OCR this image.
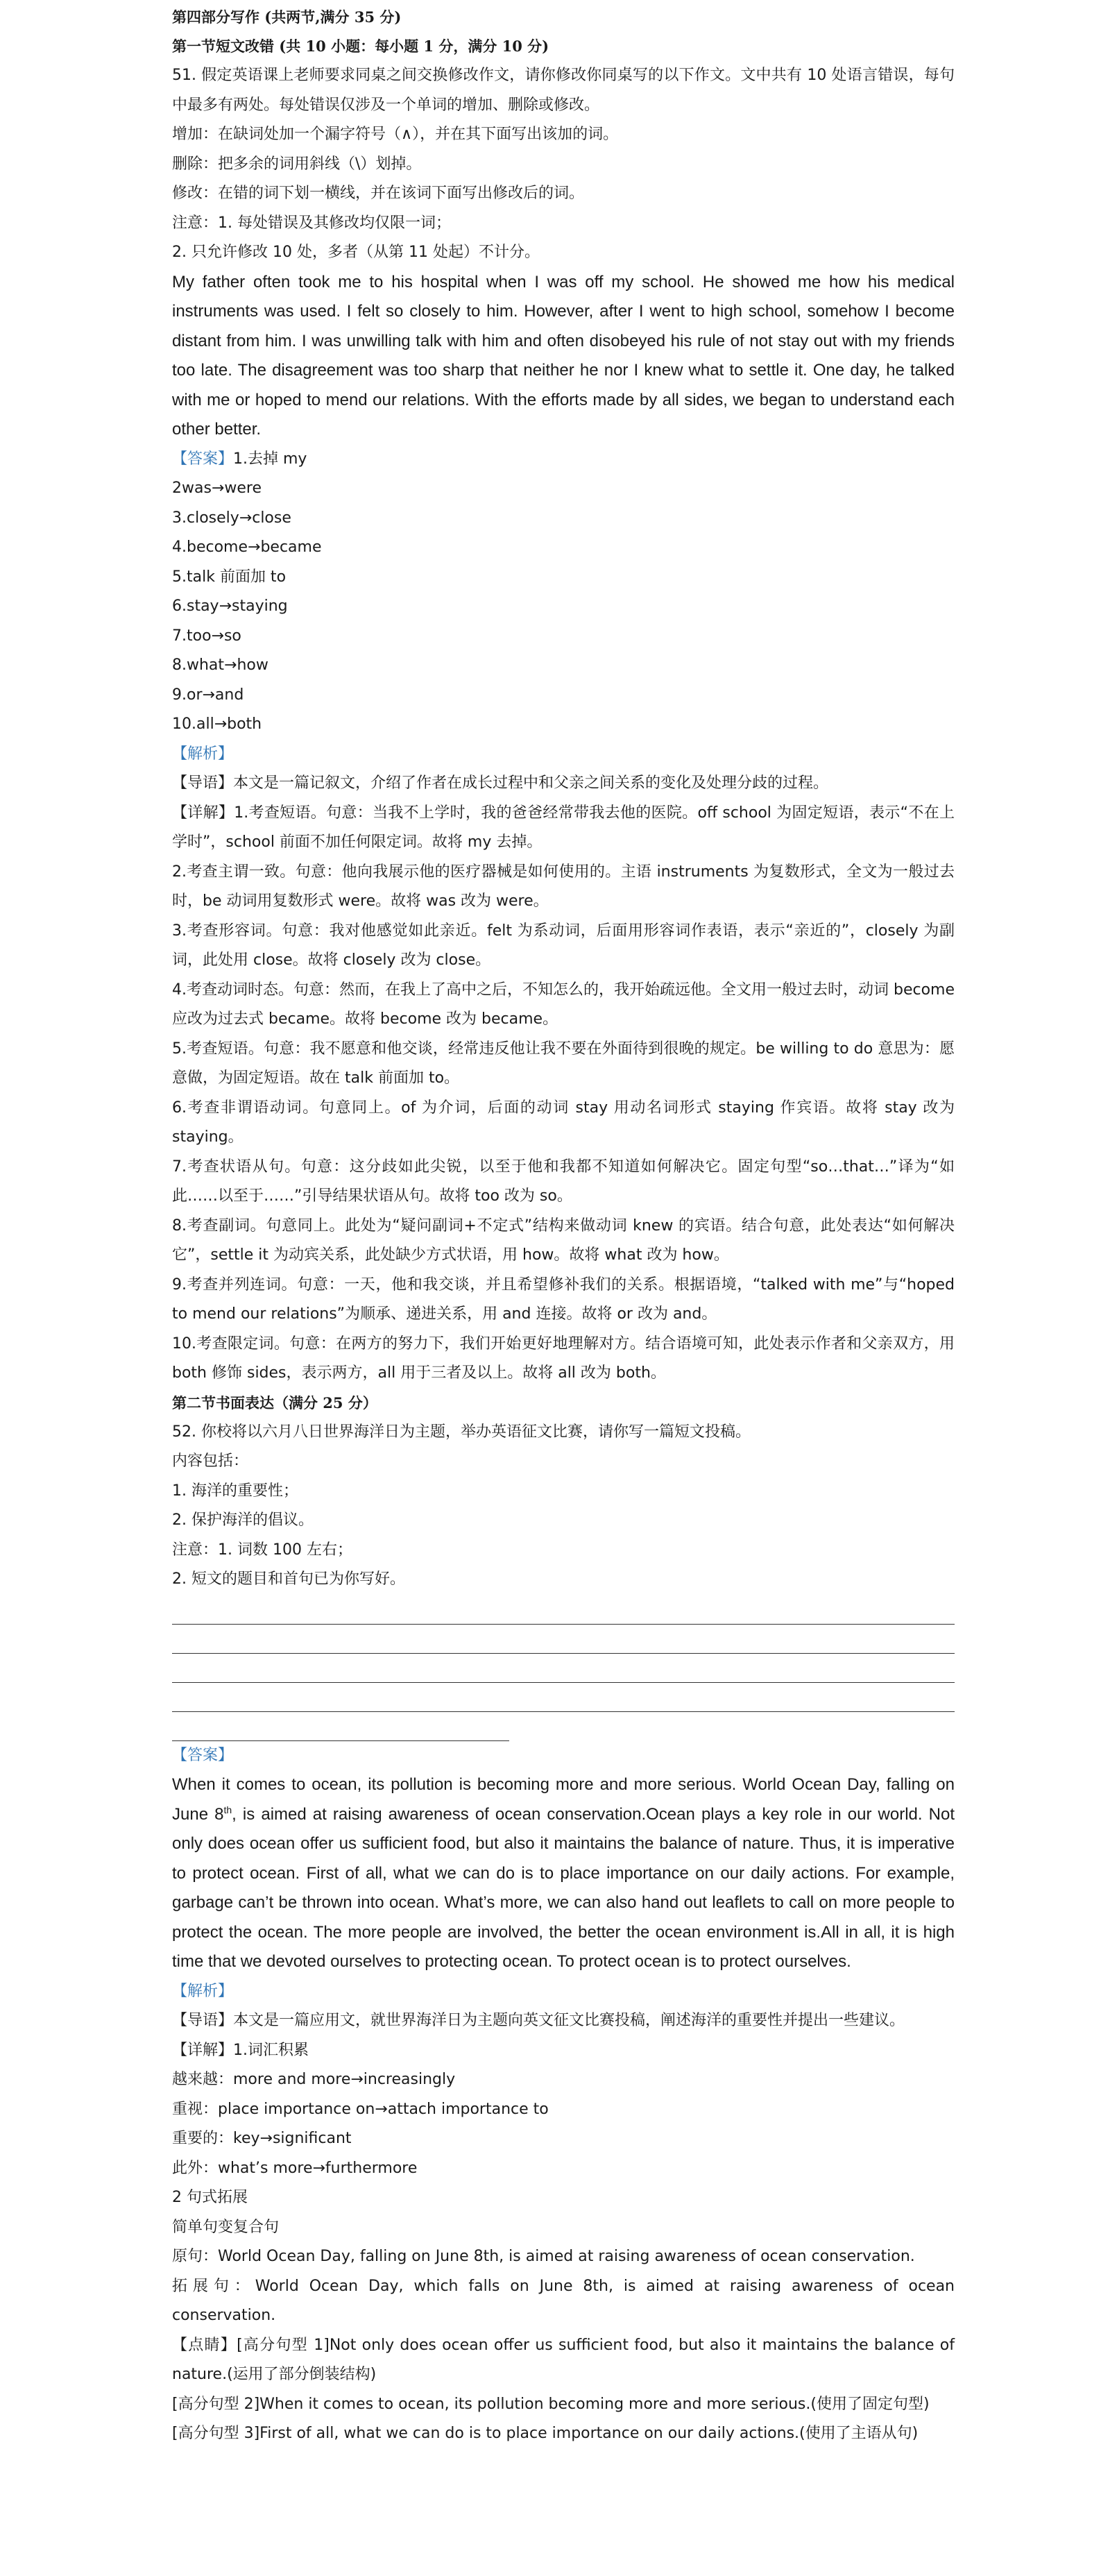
第四部分写作 (共两节,满分 35 分)
第一节短文改错 (共 10 小题：每小题 1 分，满分 10 分)

51. 假定英语课上老师要求同桌之间交换修改作文，请你修改你同桌写的以下作文。文中共有 10 处语言错误，每句中最多有两处。每处错误仅涉及一个单词的增加、删除或修改。

增加：在缺词处加一个漏字符号（∧），并在其下面写出该加的词。

删除：把多余的词用斜线（\）划掉。

修改：在错的词下划一横线，并在该词下面写出修改后的词。

注意：1. 每处错误及其修改均仅限一词；

2. 只允许修改 10 处，多者（从第 11 处起）不计分。

My father often took me to his hospital when I was off my school. He showed me how his medical instruments was used. I felt so closely to him. However, after I went to high school, somehow I become distant from him. I was unwilling talk with him and often disobeyed his rule of not stay out with my friends too late. The disagreement was too sharp that neither he nor I knew what to settle it. One day, he talked with me or hoped to mend our relations. With the efforts made by all sides, we began to understand each other better.

【答案】1.去掉 my

2was→were

3.closely→close

4.become→became

5.talk 前面加 to

6.stay→staying

7.too→so

8.what→how

9.or→and

10.all→both

【解析】

【导语】本文是一篇记叙文，介绍了作者在成长过程中和父亲之间关系的变化及处理分歧的过程。

【详解】1.考查短语。句意：当我不上学时，我的爸爸经常带我去他的医院。off school 为固定短语，表示“不在上学时”，school 前面不加任何限定词。故将 my 去掉。

2.考查主谓一致。句意：他向我展示他的医疗器械是如何使用的。主语 instruments 为复数形式，全文为一般过去时，be 动词用复数形式 were。故将 was 改为 were。

3.考查形容词。句意：我对他感觉如此亲近。felt 为系动词，后面用形容词作表语，表示“亲近的”，closely 为副词，此处用 close。故将 closely 改为 close。

4.考查动词时态。句意：然而，在我上了高中之后，不知怎么的，我开始疏远他。全文用一般过去时，动词 become 应改为过去式 became。故将 become 改为 became。

5.考查短语。句意：我不愿意和他交谈，经常违反他让我不要在外面待到很晚的规定。be willing to do 意思为：愿意做，为固定短语。故在 talk 前面加 to。

6.考查非谓语动词。句意同上。of 为介词，后面的动词 stay 用动名词形式 staying 作宾语。故将 stay 改为 staying。

7.考查状语从句。句意：这分歧如此尖锐，以至于他和我都不知道如何解决它。固定句型“so…that…”译为“如此……以至于……”引导结果状语从句。故将 too 改为 so。

8.考查副词。句意同上。此处为“疑问副词+不定式”结构来做动词 knew 的宾语。结合句意，此处表达“如何解决它”，settle it 为动宾关系，此处缺少方式状语，用 how。故将 what 改为 how。

9.考查并列连词。句意：一天，他和我交谈，并且希望修补我们的关系。根据语境，“talked with me”与“hoped to mend our relations”为顺承、递进关系，用 and 连接。故将 or 改为 and。

10.考查限定词。句意：在两方的努力下，我们开始更好地理解对方。结合语境可知，此处表示作者和父亲双方，用 both 修饰 sides，表示两方，all 用于三者及以上。故将 all 改为 both。

第二节书面表达（满分 25 分）

52. 你校将以六月八日世界海洋日为主题，举办英语征文比赛，请你写一篇短文投稿。

内容包括：

1. 海洋的重要性；

2. 保护海洋的倡议。

注意：1. 词数 100 左右；

2. 短文的题目和首句已为你写好。

【答案】

When it comes to ocean, its pollution is becoming more and more serious. World Ocean Day, falling on June 8th, is aimed at raising awareness of ocean conservation.Ocean plays a key role in our world. Not only does ocean offer us sufficient food, but also it maintains the balance of nature. Thus, it is imperative to protect ocean. First of all, what we can do is to place importance on our daily actions. For example, garbage can’t be thrown into ocean. What’s more, we can also hand out leaflets to call on more people to protect the ocean. The more people are involved, the better the ocean environment is.All in all, it is high time that we devoted ourselves to protecting ocean. To protect ocean is to protect ourselves.

【解析】

【导语】本文是一篇应用文，就世界海洋日为主题向英文征文比赛投稿，阐述海洋的重要性并提出一些建议。

【详解】1.词汇积累

越来越：more and more→increasingly

重视：place importance on→attach importance to

重要的：key→significant

此外：what’s more→furthermore

2 句式拓展

简单句变复合句

原句：World Ocean Day, falling on June 8th, is aimed at raising awareness of ocean conservation.

拓展句：World Ocean Day, which falls on June 8th, is aimed at raising awareness of ocean conservation.

【点睛】[高分句型 1]Not only does ocean offer us sufficient food, but also it maintains the balance of nature.(运用了部分倒装结构)

[高分句型 2]When it comes to ocean, its pollution becoming more and more serious.(使用了固定句型)

[高分句型 3]First of all, what we can do is to place importance on our daily actions.(使用了主语从句)
